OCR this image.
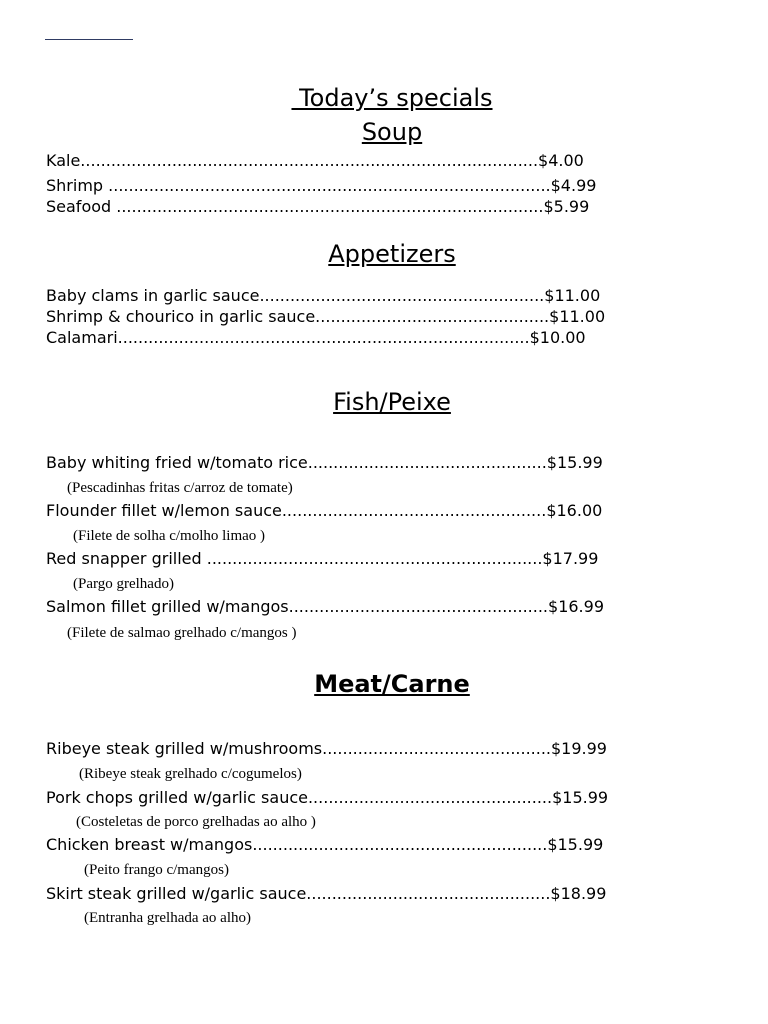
Today’s specials
Soup

Kale..........................................................................................$4.00

Shrimp .......................................................................................$4.99

Seafood ....................................................................................$5.99

Appetizers

Baby clams in garlic sauce........................................................$11.00

Shrimp & chourico in garlic sauce..............................................$11.00

Calamari.................................................................................$10.00

Fish/Peixe

Baby whiting fried w/tomato rice...............................................$15.99

(Pescadinhas fritas c/arroz de tomate)

Flounder fillet w/lemon sauce....................................................$16.00

(Filete de solha c/molho limao )

Red snapper grilled ..................................................................$17.99

(Pargo grelhado)

Salmon fillet grilled w/mangos...................................................$16.99

(Filete de salmao grelhado c/mangos )

Meat/Carne

Ribeye steak grilled w/mushrooms.............................................$19.99

(Ribeye steak grelhado c/cogumelos)

Pork chops grilled w/garlic sauce................................................$15.99

(Costeletas de porco grelhadas ao alho )

Chicken breast w/mangos..........................................................$15.99

(Peito frango c/mangos)

Skirt steak grilled w/garlic sauce................................................$18.99

(Entranha grelhada ao alho)
